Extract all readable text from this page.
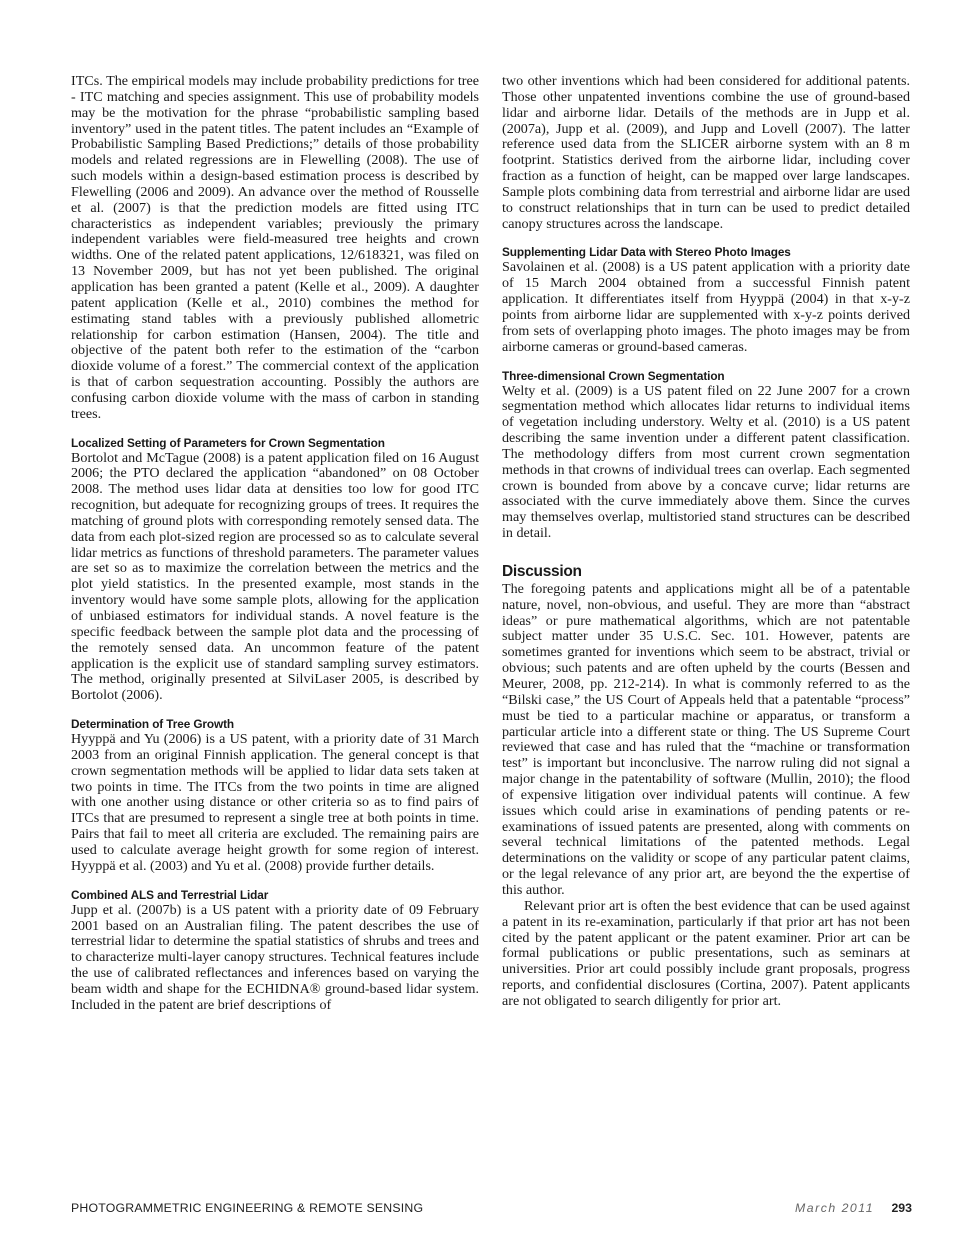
ITCs. The empirical models may include probability predictions for tree - ITC matching and species assignment. This use of probability models may be the motivation for the phrase “probabilistic sampling based inventory” used in the patent titles. The patent includes an “Example of Probabilistic Sampling Based Predictions;” details of those probability models and related regressions are in Flewelling (2008). The use of such models within a design-based estimation process is described by Flewelling (2006 and 2009). An advance over the method of Rousselle et al. (2007) is that the prediction models are fitted using ITC characteristics as independent variables; previously the primary independent variables were field-measured tree heights and crown widths. One of the related patent applications, 12/618321, was filed on 13 November 2009, but has not yet been published. The original application has been granted a patent (Kelle et al., 2009). A daughter patent application (Kelle et al., 2010) combines the method for estimating stand tables with a previously published allometric relationship for carbon estimation (Hansen, 2004). The title and objective of the patent both refer to the estimation of the “carbon dioxide volume of a forest.” The commercial context of the application is that of carbon sequestration accounting. Possibly the authors are confusing carbon dioxide volume with the mass of carbon in standing trees.

Localized Setting of Parameters for Crown Segmentation

Bortolot and McTague (2008) is a patent application filed on 16 August 2006; the PTO declared the application “abandoned” on 08 October 2008. The method uses lidar data at densities too low for good ITC recognition, but adequate for recognizing groups of trees. It requires the matching of ground plots with corresponding remotely sensed data. The data from each plot-sized region are processed so as to calculate several lidar metrics as functions of threshold parameters. The parameter values are set so as to maximize the correlation between the metrics and the plot yield statistics. In the presented example, most stands in the inventory would have some sample plots, allowing for the application of unbiased estimators for individual stands. A novel feature is the specific feedback between the sample plot data and the processing of the remotely sensed data. An uncommon feature of the patent application is the explicit use of standard sampling survey estimators. The method, originally presented at SilviLaser 2005, is described by Bortolot (2006).

Determination of Tree Growth

Hyyppä and Yu (2006) is a US patent, with a priority date of 31 March 2003 from an original Finnish application. The general concept is that crown segmentation methods will be applied to lidar data sets taken at two points in time. The ITCs from the two points in time are aligned with one another using distance or other criteria so as to find pairs of ITCs that are presumed to represent a single tree at both points in time. Pairs that fail to meet all criteria are excluded. The remaining pairs are used to calculate average height growth for some region of interest. Hyyppä et al. (2003) and Yu et al. (2008) provide further details.

Combined ALS and Terrestrial Lidar

Jupp et al. (2007b) is a US patent with a priority date of 09 February 2001 based on an Australian filing. The patent describes the use of terrestrial lidar to determine the spatial statistics of shrubs and trees and to characterize multi-layer canopy structures. Technical features include the use of calibrated reflectances and inferences based on varying the beam width and shape for the ECHIDNA® ground-based lidar system. Included in the patent are brief descriptions of

two other inventions which had been considered for additional patents. Those other unpatented inventions combine the use of ground-based lidar and airborne lidar. Details of the methods are in Jupp et al. (2007a), Jupp et al. (2009), and Jupp and Lovell (2007). The latter reference used data from the SLICER airborne system with an 8 m footprint. Statistics derived from the airborne lidar, including cover fraction as a function of height, can be mapped over large landscapes. Sample plots combining data from terrestrial and airborne lidar are used to construct relationships that in turn can be used to predict detailed canopy structures across the landscape.

Supplementing Lidar Data with Stereo Photo Images

Savolainen et al. (2008) is a US patent application with a priority date of 15 March 2004 obtained from a successful Finnish patent application. It differentiates itself from Hyyppä (2004) in that x-y-z points from airborne lidar are supplemented with x-y-z points derived from sets of overlapping photo images. The photo images may be from airborne cameras or ground-based cameras.

Three-dimensional Crown Segmentation

Welty et al. (2009) is a US patent filed on 22 June 2007 for a crown segmentation method which allocates lidar returns to individual items of vegetation including understory. Welty et al. (2010) is a US patent describing the same invention under a different patent classification. The methodology differs from most current crown segmentation methods in that crowns of individual trees can overlap. Each segmented crown is bounded from above by a concave curve; lidar returns are associated with the curve immediately above them. Since the curves may themselves overlap, multistoried stand structures can be described in detail.

Discussion

The foregoing patents and applications might all be of a patentable nature, novel, non-obvious, and useful. They are more than “abstract ideas” or pure mathematical algorithms, which are not patentable subject matter under 35 U.S.C. Sec. 101. However, patents are sometimes granted for inventions which seem to be abstract, trivial or obvious; such patents and are often upheld by the courts (Bessen and Meurer, 2008, pp. 212-214). In what is commonly referred to as the “Bilski case,” the US Court of Appeals held that a patentable “process” must be tied to a particular machine or apparatus, or transform a particular article into a different state or thing. The US Supreme Court reviewed that case and has ruled that the “machine or transformation test” is important but inconclusive. The narrow ruling did not signal a major change in the patentability of software (Mullin, 2010); the flood of expensive litigation over individual patents will continue. A few issues which could arise in examinations of pending patents or re-examinations of issued patents are presented, along with comments on several technical limitations of the patented methods. Legal determinations on the validity or scope of any particular patent claims, or the legal relevance of any prior art, are beyond the the expertise of this author.

Relevant prior art is often the best evidence that can be used against a patent in its re-examination, particularly if that prior art has not been cited by the patent applicant or the patent examiner. Prior art can be formal publications or public presentations, such as seminars at universities. Prior art could possibly include grant proposals, progress reports, and confidential disclosures (Cortina, 2007). Patent applicants are not obligated to search diligently for prior art.

PHOTOGRAMMETRIC ENGINEERING & REMOTE SENSING	March 2011 293
